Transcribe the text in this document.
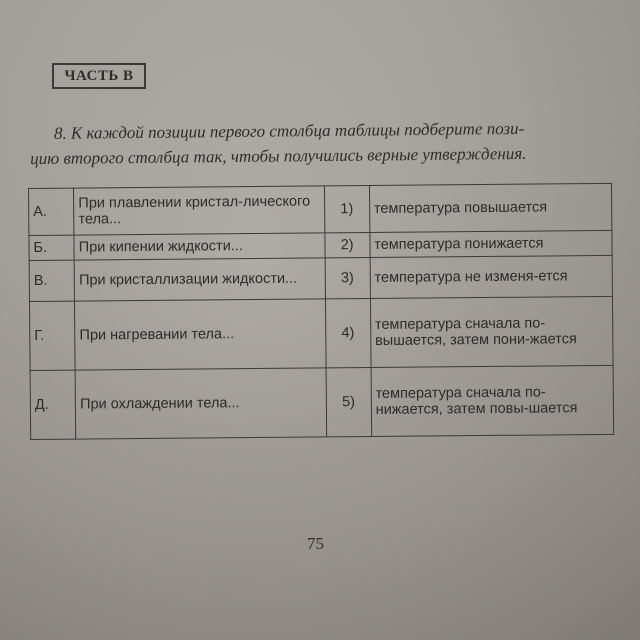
ЧАСТЬ В
8. К каждой позиции первого столбца таблицы подберите пози-
цию второго столбца так, чтобы получились верные утверждения.
А.	При плавлении кристал-лического тела...	1)	температура повышается
Б.	При кипении жидкости...	2)	температура понижается
В.	При кристаллизации жидкости...	3)	температура не изменя-ется
Г.	При нагревании тела...	4)	температура сначала по-вышается, затем пони-жается
Д.	При охлаждении тела...	5)	температура сначала по-нижается, затем повы-шается
75
